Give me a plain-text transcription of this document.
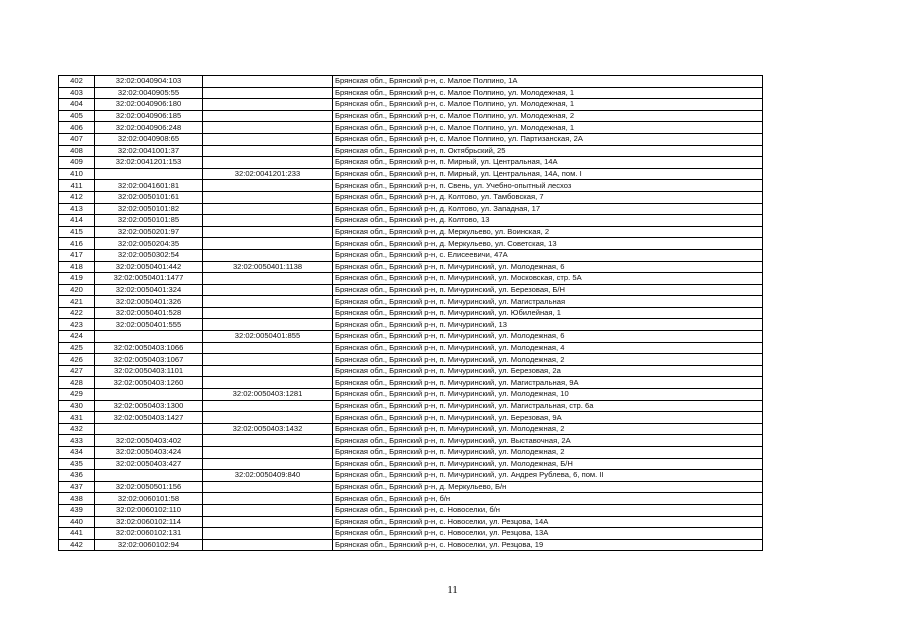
402	32:02:0040904:103		Брянская обл., Брянский р-н, с. Малое Полпино, 1А
403	32:02:0040905:55		Брянская обл., Брянский р-н, с. Малое Полпино, ул. Молодежная, 1
404	32:02:0040906:180		Брянская обл., Брянский р-н, с. Малое Полпино, ул. Молодежная, 1
405	32:02:0040906:185		Брянская обл., Брянский р-н, с. Малое Полпино, ул. Молодежная, 2
406	32:02:0040906:248		Брянская обл., Брянский р-н, с. Малое Полпино, ул. Молодежная, 1
407	32:02:0040908:65		Брянская обл., Брянский р-н, с. Малое Полпино, ул. Партизанская, 2А
408	32:02:0041001:37		Брянская обл., Брянский р-н, п. Октябрьский, 25
409	32:02:0041201:153		Брянская обл., Брянский р-н, п. Мирный, ул. Центральная, 14А
410		32:02:0041201:233	Брянская обл., Брянский р-н, п. Мирный, ул. Центральная, 14А, пом. I
411	32:02:0041601:81		Брянская обл., Брянский р-н, п. Свень, ул. Учебно-опытный лесхоз
412	32:02:0050101:61		Брянская обл., Брянский р-н, д. Колтово, ул. Тамбовская, 7
413	32:02:0050101:82		Брянская обл., Брянский р-н, д. Колтово, ул. Западная, 17
414	32:02:0050101:85		Брянская обл., Брянский р-н, д. Колтово, 13
415	32:02:0050201:97		Брянская обл., Брянский р-н, д. Меркульево, ул. Воинская, 2
416	32:02:0050204:35		Брянская обл., Брянский р-н, д. Меркульево, ул. Советская, 13
417	32:02:0050302:54		Брянская обл., Брянский р-н, с. Елисеевичи, 47А
418	32:02:0050401:442	32:02:0050401:1138	Брянская обл., Брянский р-н, п. Мичуринский, ул. Молодежная, 6
419	32:02:0050401:1477		Брянская обл., Брянский р-н, п. Мичуринский, ул. Московская, стр. 5А
420	32:02:0050401:324		Брянская обл., Брянский р-н, п. Мичуринский, ул. Березовая, Б/Н
421	32:02:0050401:326		Брянская обл., Брянский р-н, п. Мичуринский, ул. Магистральная
422	32:02:0050401:528		Брянская обл., Брянский р-н, п. Мичуринский, ул. Юбилейная, 1
423	32:02:0050401:555		Брянская обл., Брянский р-н, п. Мичуринский, 13
424		32:02:0050401:855	Брянская обл., Брянский р-н, п. Мичуринский, ул. Молодежная, 6
425	32:02:0050403:1066		Брянская обл., Брянский р-н, п. Мичуринский, ул. Молодежная, 4
426	32:02:0050403:1067		Брянская обл., Брянский р-н, п. Мичуринский, ул. Молодежная, 2
427	32:02:0050403:1101		Брянская обл., Брянский р-н, п. Мичуринский, ул. Березовая, 2а
428	32:02:0050403:1260		Брянская обл., Брянский р-н, п. Мичуринский, ул. Магистральная, 9А
429		32:02:0050403:1281	Брянская обл., Брянский р-н, п. Мичуринский, ул. Молодежная, 10
430	32:02:0050403:1300		Брянская обл., Брянский р-н, п. Мичуринский, ул. Магистральная, стр. 6а
431	32:02:0050403:1427		Брянская обл., Брянский р-н, п. Мичуринский, ул. Березовая, 9А
432		32:02:0050403:1432	Брянская обл., Брянский р-н, п. Мичуринский, ул. Молодежная, 2
433	32:02:0050403:402		Брянская обл., Брянский р-н, п. Мичуринский, ул. Выставочная, 2А
434	32:02:0050403:424		Брянская обл., Брянский р-н, п. Мичуринский, ул. Молодежная, 2
435	32:02:0050403:427		Брянская обл., Брянский р-н, п. Мичуринский, ул. Молодежная, Б/Н
436		32:02:0050409:840	Брянская обл., Брянский р-н, п. Мичуринский, ул. Андрея Рублева, 6, пом. II
437	32:02:0050501:156		Брянская обл., Брянский р-н, д. Меркульево, Б/н
438	32:02:0060101:58		Брянская обл., Брянский р-н, б/н
439	32:02:0060102:110		Брянская обл., Брянский р-н, с. Новоселки, б/н
440	32:02:0060102:114		Брянская обл., Брянский р-н, с. Новоселки, ул. Резцова, 14А
441	32:02:0060102:131		Брянская обл., Брянский р-н, с. Новоселки, ул. Резцова, 13А
442	32:02:0060102:94		Брянская обл., Брянский р-н, с. Новоселки, ул. Резцова, 19
11
